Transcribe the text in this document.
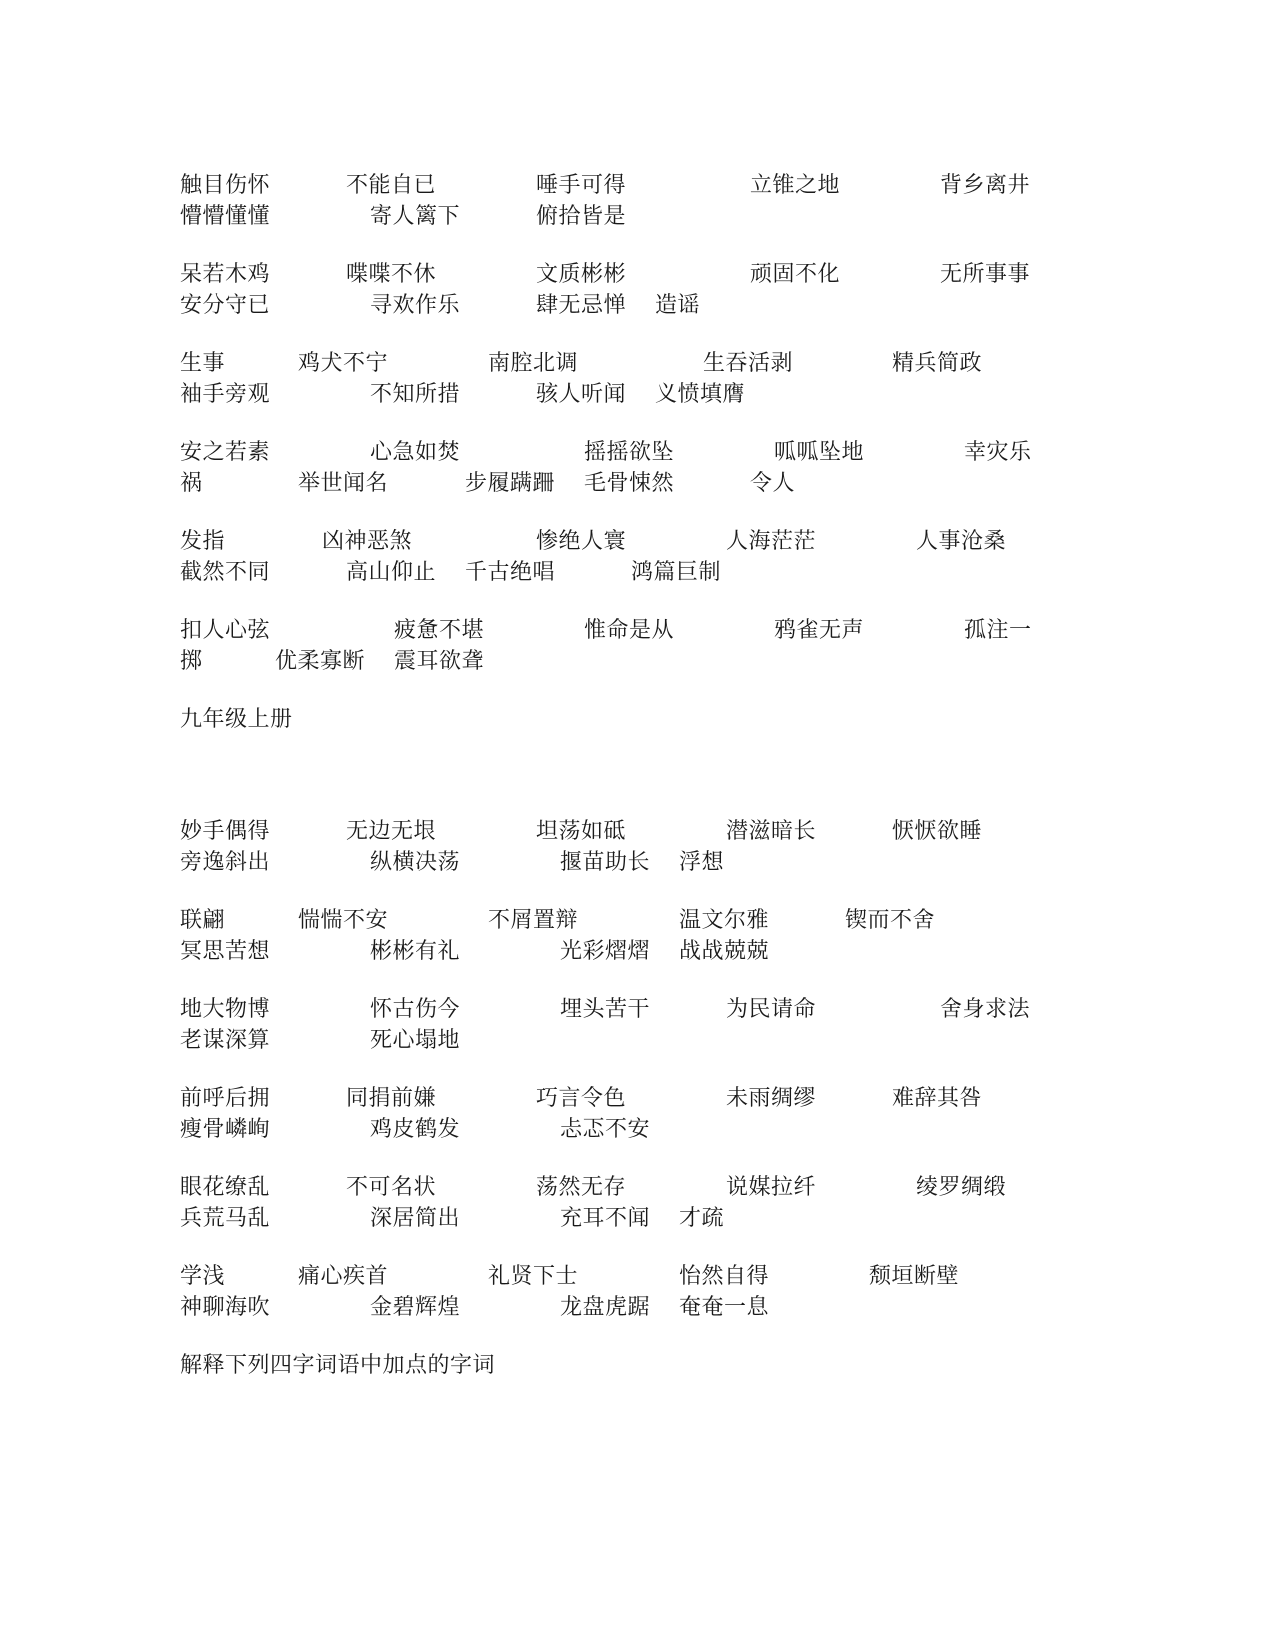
触目伤怀	不能自已	唾手可得	立锥之地	背乡离井
懵懵懂懂	寄人篱下	俯拾皆是
呆若木鸡	喋喋不休	文质彬彬	顽固不化	无所事事
安分守已	寻欢作乐	肆无忌惮 造谣
生事	鸡犬不宁	南腔北调	生吞活剥	精兵简政
袖手旁观	不知所措	骇人听闻 义愤填膺
安之若素	心急如焚	摇摇欲坠	呱呱坠地	幸灾乐
祸	举世闻名	步履蹒跚 毛骨悚然	令人
发指	凶神恶煞	惨绝人寰	人海茫茫	人事沧桑
截然不同	高山仰止 千古绝唱	鸿篇巨制
扣人心弦	疲惫不堪	惟命是从	鸦雀无声	孤注一
掷	优柔寡断 震耳欲聋
九年级上册
妙手偶得	无边无垠	坦荡如砥	潜滋暗长	恹恹欲睡
旁逸斜出	纵横决荡	揠苗助长 浮想
联翩	惴惴不安	不屑置辩	温文尔雅	锲而不舍
冥思苦想	彬彬有礼	光彩熠熠 战战兢兢
地大物博	怀古伤今	埋头苦干	为民请命	舍身求法
老谋深算	死心塌地
前呼后拥	同捐前嫌	巧言令色	未雨绸缪	难辞其咎
瘦骨嶙峋	鸡皮鹤发	忐忑不安
眼花缭乱	不可名状	荡然无存	说媒拉纤	绫罗绸缎
兵荒马乱	深居简出	充耳不闻 才疏
学浅	痛心疾首	礼贤下士	怡然自得	颓垣断壁
神聊海吹	金碧辉煌	龙盘虎踞 奄奄一息
解释下列四字词语中加点的字词
